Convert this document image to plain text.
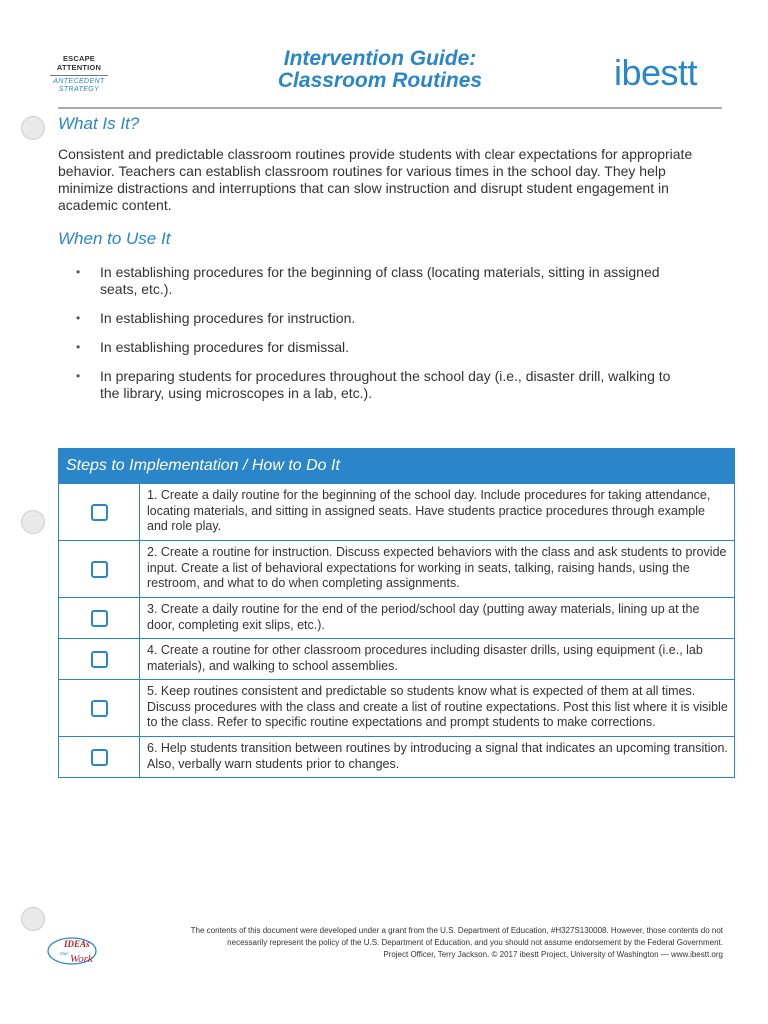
ESCAPE ATTENTION
ANTECEDENT STRATEGY
Intervention Guide:
Classroom Routines	ibestt
What Is It?
Consistent and predictable classroom routines provide students with clear expectations for appropriate behavior. Teachers can establish classroom routines for various times in the school day. They help minimize distractions and interruptions that can slow instruction and disrupt student engagement in academic content.
When to Use It
• In establishing procedures for the beginning of class (locating materials, sitting in assigned seats, etc.).
• In establishing procedures for instruction.
• In establishing procedures for dismissal.
• In preparing students for procedures throughout the school day (i.e., disaster drill, walking to the library, using microscopes in a lab, etc.).
Steps to Implementation / How to Do It
1. Create a daily routine for the beginning of the school day. Include procedures for taking attendance, locating materials, and sitting in assigned seats. Have students practice procedures through example and role play.
2. Create a routine for instruction. Discuss expected behaviors with the class and ask students to provide input. Create a list of behavioral expectations for working in seats, talking, raising hands, using the restroom, and what to do when completing assignments.
3. Create a daily routine for the end of the period/school day (putting away materials, lining up at the door, completing exit slips, etc.).
4. Create a routine for other classroom procedures including disaster drills, using equipment (i.e., lab materials), and walking to school assemblies.
5. Keep routines consistent and predictable so students know what is expected of them at all times. Discuss procedures with the class and create a list of routine expectations. Post this list where it is visible to the class. Refer to specific routine expectations and prompt students to make corrections.
6. Help students transition between routines by introducing a signal that indicates an upcoming transition. Also, verbally warn students prior to changes.
IDEAs
that Work
The contents of this document were developed under a grant from the U.S. Department of Education, #H327S130008. However, those contents do not
necessarily represent the policy of the U.S. Department of Education, and you should not assume endorsement by the Federal Government.
Project Officer, Terry Jackson. © 2017 ibestt Project, University of Washington — www.ibestt.org
